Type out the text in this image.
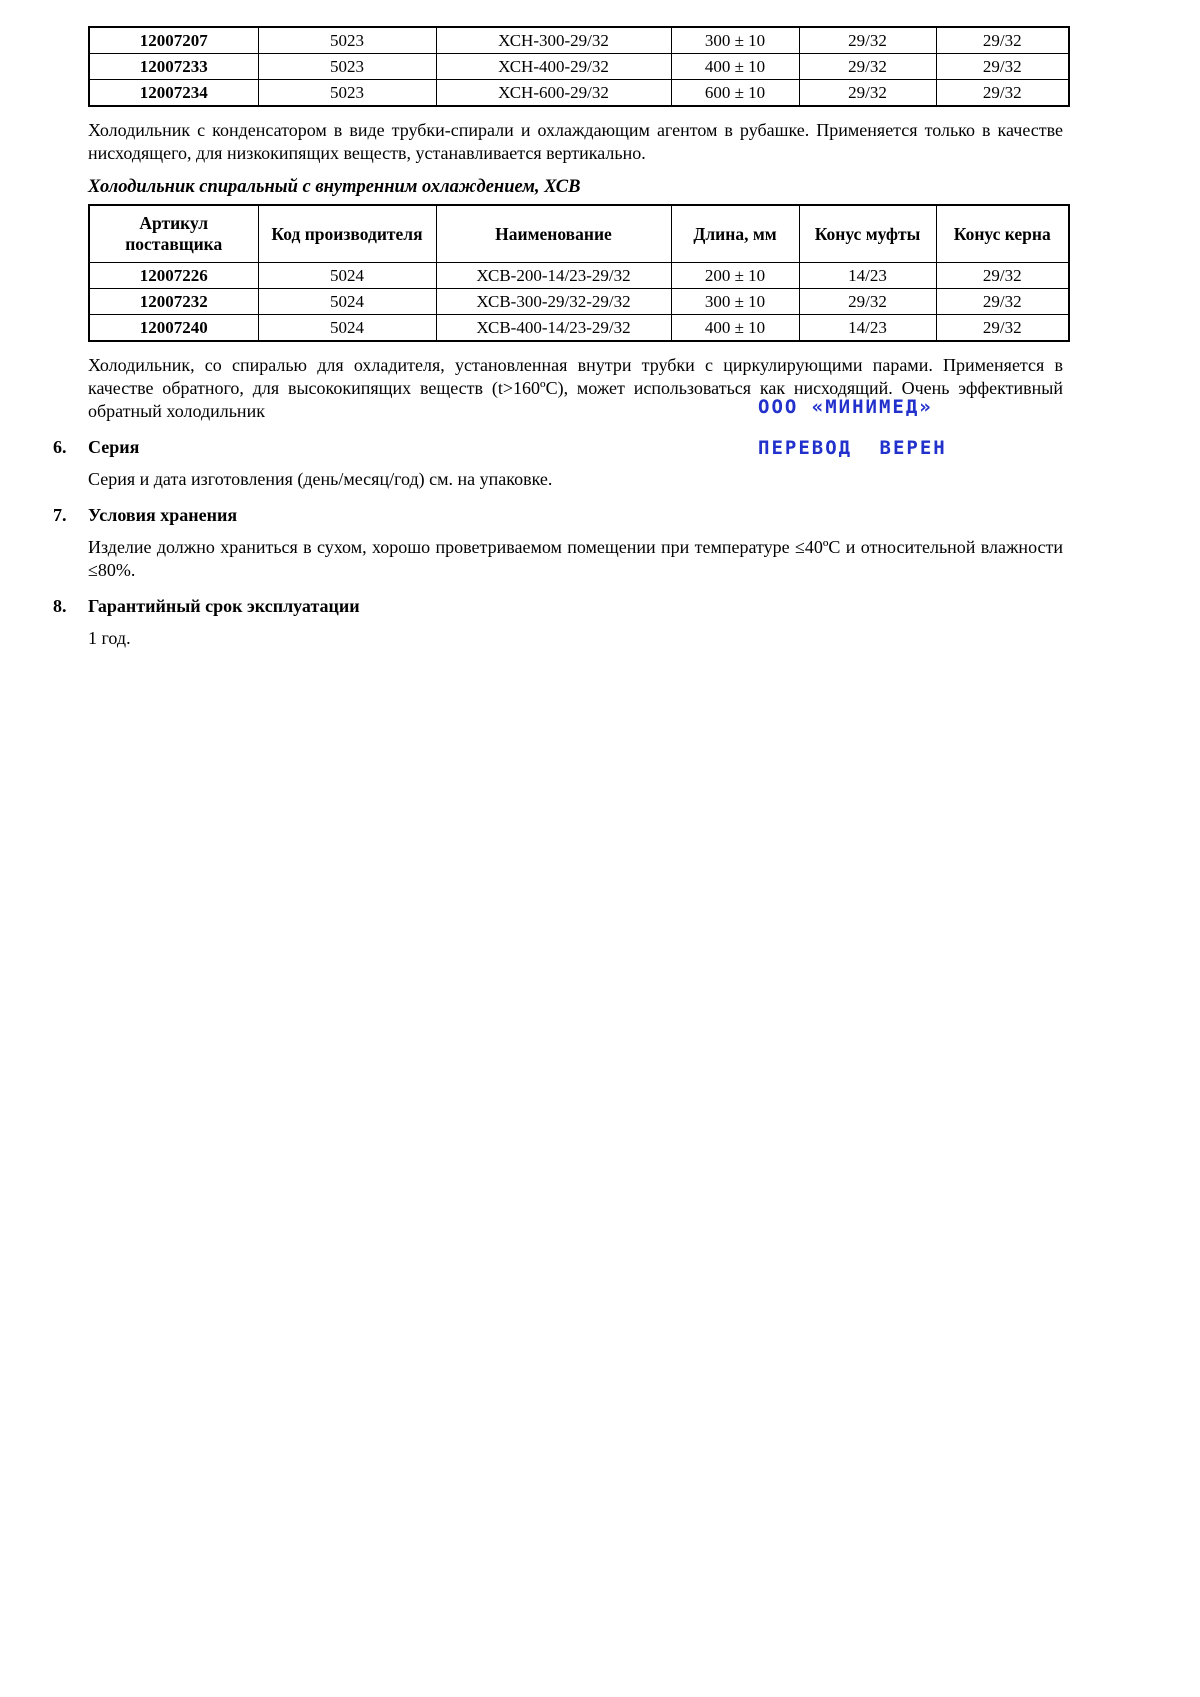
12007207	5023	ХСН-300-29/32	300 ± 10	29/32	29/32
12007233	5023	ХСН-400-29/32	400 ± 10	29/32	29/32
12007234	5023	ХСН-600-29/32	600 ± 10	29/32	29/32

Холодильник с конденсатором в виде трубки-спирали и охлаждающим агентом в рубашке. Применяется только в качестве нисходящего, для низкокипящих веществ, устанавливается вертикально.

Холодильник спиральный с внутренним охлаждением, ХСВ
Артикул поставщика	Код производителя	Наименование	Длина, мм	Конус муфты	Конус керна
12007226	5024	ХСВ-200-14/23-29/32	200 ± 10	14/23	29/32
12007232	5024	ХСВ-300-29/32-29/32	300 ± 10	29/32	29/32
12007240	5024	ХСВ-400-14/23-29/32	400 ± 10	14/23	29/32

Холодильник, со спиралью для охладителя, установленная внутри трубки с циркулирующими парами. Применяется в качестве обратного, для высококипящих веществ (t>160ºС), может использоваться как нисходящий. Очень эффективный обратный холодильник

6.	Серия
Серия и дата изготовления (день/месяц/год) см. на упаковке.
7.	Условия хранения
Изделие должно храниться в сухом, хорошо проветриваемом помещении при температуре ≤40ºС и относительной влажности ≤80%.
8.	Гарантийный срок эксплуатации
1 год.
ООО «МИНИМЕД»
ПЕРЕВОД ВЕРЕН
